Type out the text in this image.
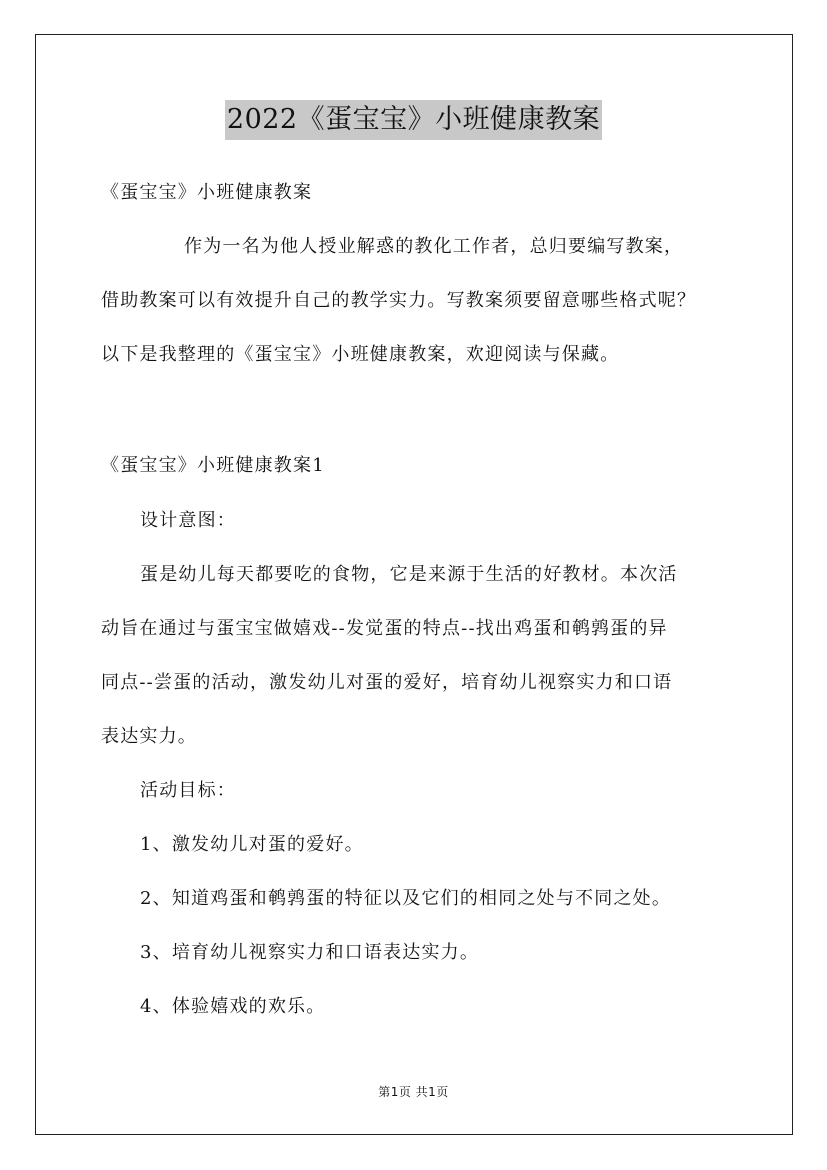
2022《蛋宝宝》小班健康教案
《蛋宝宝》小班健康教案
作为一名为他人授业解惑的教化工作者，总归要编写教案，
借助教案可以有效提升自己的教学实力。写教案须要留意哪些格式呢？
以下是我整理的《蛋宝宝》小班健康教案，欢迎阅读与保藏。
《蛋宝宝》小班健康教案1
设计意图：
蛋是幼儿每天都要吃的食物，它是来源于生活的好教材。本次活
动旨在通过与蛋宝宝做嬉戏--发觉蛋的特点--找出鸡蛋和鹌鹑蛋的异
同点--尝蛋的活动，激发幼儿对蛋的爱好，培育幼儿视察实力和口语
表达实力。
活动目标：
1、激发幼儿对蛋的爱好。
2、知道鸡蛋和鹌鹑蛋的特征以及它们的相同之处与不同之处。
3、培育幼儿视察实力和口语表达实力。
4、体验嬉戏的欢乐。
第1页 共1页
